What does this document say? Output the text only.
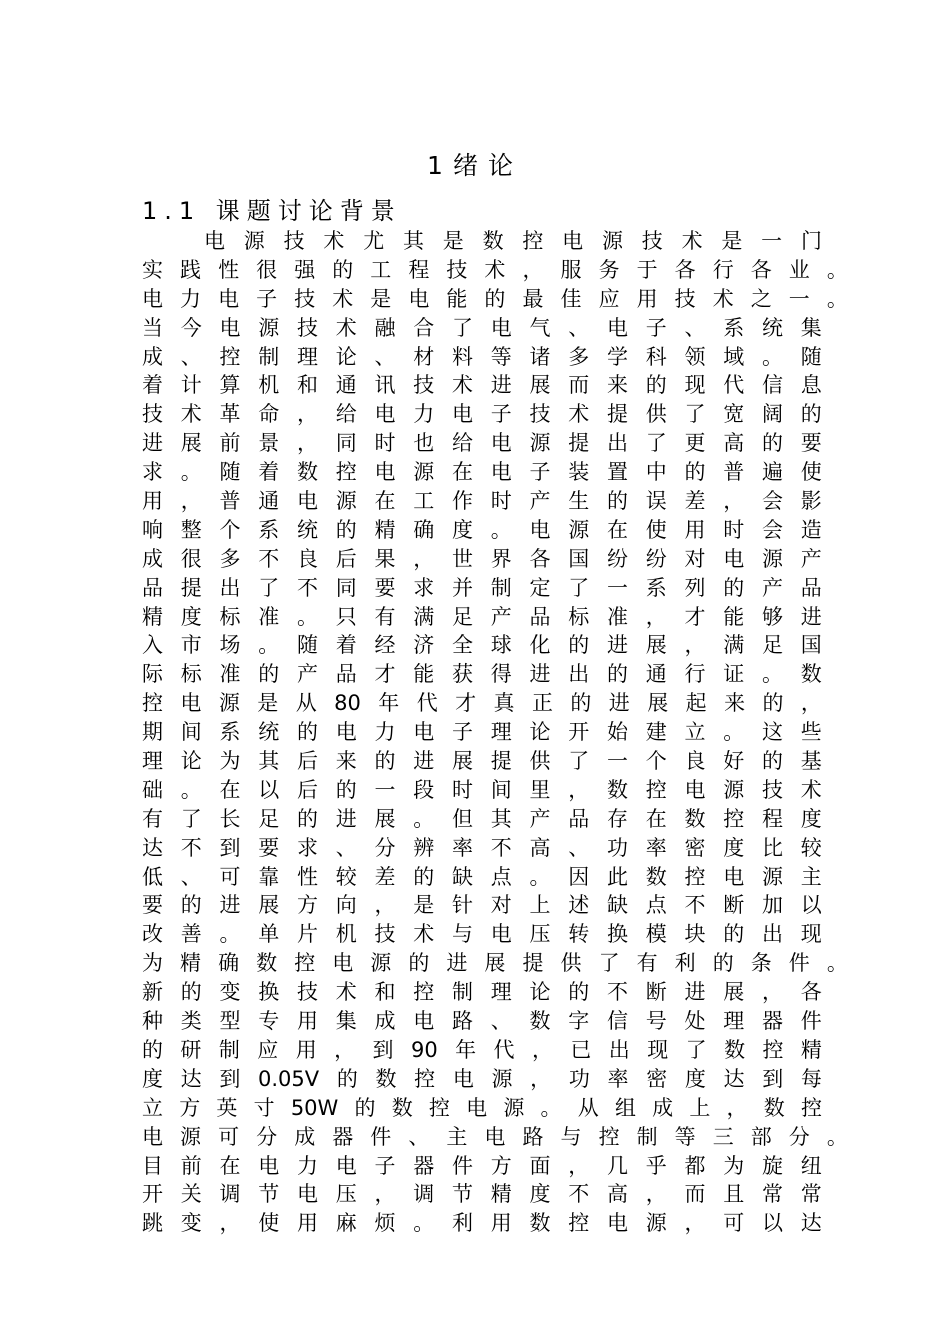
1绪论
1.1 课题讨论背景
电 源 技 术 尤 其 是 数 控 电 源 技 术 是 一 门
实 践 性 很 强 的 工 程 技 术 ， 服 务 于 各 行 各 业 。
电 力 电 子 技 术 是 电 能 的 最 佳 应 用 技 术 之 一 。
当 今 电 源 技 术 融 合 了 电 气 、 电 子 、 系 统 集
成 、 控 制 理 论 、 材 料 等 诸 多 学 科 领 域 。 随
着 计 算 机 和 通 讯 技 术 进 展 而 来 的 现 代 信 息
技 术 革 命 ， 给 电 力 电 子 技 术 提 供 了 宽 阔 的
进 展 前 景 ， 同 时 也 给 电 源 提 出 了 更 高 的 要
求 。 随 着 数 控 电 源 在 电 子 装 置 中 的 普 遍 使
用 ， 普 通 电 源 在 工 作 时 产 生 的 误 差 ， 会 影
响 整 个 系 统 的 精 确 度 。 电 源 在 使 用 时 会 造
成 很 多 不 良 后 果 ， 世 界 各 国 纷 纷 对 电 源 产
品 提 出 了 不 同 要 求 并 制 定 了 一 系 列 的 产 品
精 度 标 准 。 只 有 满 足 产 品 标 准 ， 才 能 够 进
入 市 场 。 随 着 经 济 全 球 化 的 进 展 ， 满 足 国
际 标 准 的 产 品 才 能 获 得 进 出 的 通 行 证 。 数
控 电 源 是 从 80 年 代 才 真 正 的 进 展 起 来 的 ，
期 间 系 统 的 电 力 电 子 理 论 开 始 建 立 。 这 些
理 论 为 其 后 来 的 进 展 提 供 了 一 个 良 好 的 基
础 。 在 以 后 的 一 段 时 间 里 ， 数 控 电 源 技 术
有 了 长 足 的 进 展 。 但 其 产 品 存 在 数 控 程 度
达 不 到 要 求 、 分 辨 率 不 高 、 功 率 密 度 比 较
低 、 可 靠 性 较 差 的 缺 点 。 因 此 数 控 电 源 主
要 的 进 展 方 向 ， 是 针 对 上 述 缺 点 不 断 加 以
改 善 。 单 片 机 技 术 与 电 压 转 换 模 块 的 出 现
为 精 确 数 控 电 源 的 进 展 提 供 了 有 利 的 条 件 。
新 的 变 换 技 术 和 控 制 理 论 的 不 断 进 展 ， 各
种 类 型 专 用 集 成 电 路 、 数 字 信 号 处 理 器 件
的 研 制 应 用 ， 到 90 年 代 ， 已 出 现 了 数 控 精
度 达 到 0.05V 的 数 控 电 源 ， 功 率 密 度 达 到 每
立 方 英 寸 50W 的 数 控 电 源 。 从 组 成 上 ， 数 控
电 源 可 分 成 器 件 、 主 电 路 与 控 制 等 三 部 分 。
目 前 在 电 力 电 子 器 件 方 面 ， 几 乎 都 为 旋 纽
开 关 调 节 电 压 ， 调 节 精 度 不 高 ， 而 且 常 常
跳 变 ， 使 用 麻 烦 。 利 用 数 控 电 源 ， 可 以 达
